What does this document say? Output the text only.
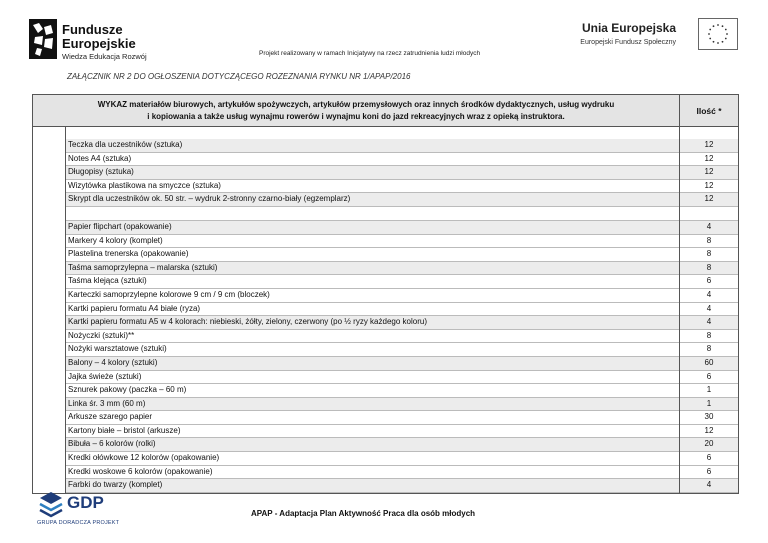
Fundusze
Europejskie
Wiedza Edukacja Rozwój	Projekt realizowany w ramach Inicjatywy na rzecz zatrudnienia ludzi młodych
Unia Europejska
Europejski Fundusz Społeczny
ZAŁĄCZNIK NR 2 DO OGŁOSZENIA DOTYCZĄCEGO ROZEZNANIA RYNKU NR 1/APAP/2016
WYKAZ materiałów biurowych, artykułów spożywczych, artykułów przemysłowych oraz innych środków dydaktycznych, usług wydruku
i kopiowania a także usług wynajmu rowerów i wynajmu koni do jazd rekreacyjnych wraz z opieką instruktora.
Ilość *
Teczka dla uczestników (sztuka)
Notes A4 (sztuka)
Długopisy (sztuka)
Wizytówka plastikowa na smyczce (sztuka)
Skrypt dla uczestników ok. 50 str. – wydruk 2-stronny czarno-biały (egzemplarz)
Papier flipchart (opakowanie)
Markery 4 kolory (komplet)
Plastelina trenerska (opakowanie)
Taśma samoprzylepna – malarska (sztuki)
Taśma klejąca (sztuki)
Karteczki samoprzylepne kolorowe 9 cm / 9 cm (bloczek)
Kartki papieru formatu A4 białe (ryza)
Kartki papieru formatu A5 w 4 kolorach: niebieski, żółty, zielony, czerwony (po ½ ryzy każdego koloru)
Nożyczki (sztuki)**
Nożyki warsztatowe (sztuki)
Balony – 4 kolory (sztuki)
Jajka świeże (sztuki)
Sznurek pakowy (paczka – 60 m)
Linka śr. 3 mm (60 m)
Arkusze szarego papier
Kartony białe – bristol (arkusze)
Bibuła – 6 kolorów (rolki)
Kredki ołówkowe 12 kolorów (opakowanie)
Kredki woskowe 6 kolorów (opakowanie)
Farbki do twarzy (komplet)
12
12
12
12
12
4
8
8
8
6
4
4
4
8
8
60
6
1
1
30
12
20
6
6
4
GDP
GRUPA DORADCZA PROJEKT
APAP - Adaptacja Plan Aktywność Praca dla osób młodych
